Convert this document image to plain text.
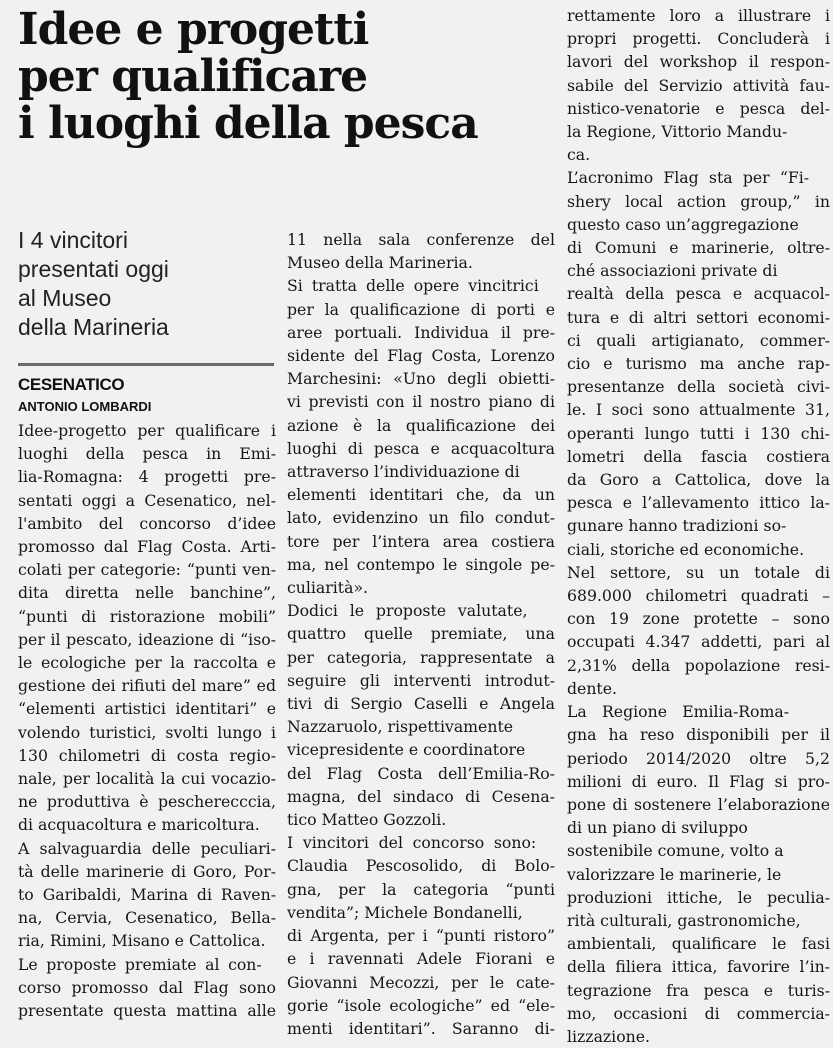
Idee e progetti
per qualificare
i luoghi della pesca
I 4 vincitori
presentati oggi
al Museo
della Marineria
CESENATICO
ANTONIO LOMBARDI
Idee-progetto per qualificare i
luoghi della pesca in Emi-
lia-Romagna: 4 progetti pre-
sentati oggi a Cesenatico, nel-
l'ambito del concorso d’idee
promosso dal Flag Costa. Arti-
colati per categorie: “punti ven-
dita diretta nelle banchine”,
“punti di ristorazione mobili”
per il pescato, ideazione di “iso-
le ecologiche per la raccolta e
gestione dei rifiuti del mare” ed
“elementi artistici identitari” e
volendo turistici, svolti lungo i
130 chilometri di costa regio-
nale, per località la cui vocazio-
ne produttiva è pescherecccia,
di acquacoltura e maricoltura.
A salvaguardia delle peculiari-
tà delle marinerie di Goro, Por-
to Garibaldi, Marina di Raven-
na, Cervia, Cesenatico, Bella-
ria, Rimini, Misano e Cattolica.
Le proposte premiate al con-
corso promosso dal Flag sono
presentate questa mattina alle
11 nella sala conferenze del
Museo della Marineria.
Si tratta delle opere vincitrici
per la qualificazione di porti e
aree portuali. Individua il pre-
sidente del Flag Costa, Lorenzo
Marchesini: «Uno degli obietti-
vi previsti con il nostro piano di
azione è la qualificazione dei
luoghi di pesca e acquacoltura
attraverso l’individuazione di
elementi identitari che, da un
lato, evidenzino un filo condut-
tore per l’intera area costiera
ma, nel contempo le singole pe-
culiarità».
Dodici le proposte valutate,
quattro quelle premiate, una
per categoria, rappresentate a
seguire gli interventi introdut-
tivi di Sergio Caselli e Angela
Nazzaruolo, rispettivamente
vicepresidente e coordinatore
del Flag Costa dell’Emilia-Ro-
magna, del sindaco di Cesena-
tico Matteo Gozzoli.
I vincitori del concorso sono:
Claudia Pescosolido, di Bolo-
gna, per la categoria “punti
vendita”; Michele Bondanelli,
di Argenta, per i “punti ristoro”
e i ravennati Adele Fiorani e
Giovanni Mecozzi, per le cate-
gorie “isole ecologiche” ed “ele-
menti identitari”. Saranno di-
rettamente loro a illustrare i
propri progetti. Concluderà i
lavori del workshop il respon-
sabile del Servizio attività fau-
nistico-venatorie e pesca del-
la Regione, Vittorio Mandu-
ca.
L’acronimo Flag sta per “Fi-
shery local action group,” in
questo caso un’aggregazione
di Comuni e marinerie, oltre-
ché associazioni private di
realtà della pesca e acquacol-
tura e di altri settori economi-
ci quali artigianato, commer-
cio e turismo ma anche rap-
presentanze della società civi-
le. I soci sono attualmente 31,
operanti lungo tutti i 130 chi-
lometri della fascia costiera
da Goro a Cattolica, dove la
pesca e l’allevamento ittico la-
gunare hanno tradizioni so-
ciali, storiche ed economiche.
Nel settore, su un totale di
689.000 chilometri quadrati –
con 19 zone protette – sono
occupati 4.347 addetti, pari al
2,31% della popolazione resi-
dente.
La Regione Emilia-Roma-
gna ha reso disponibili per il
periodo 2014/2020 oltre 5,2
milioni di euro. Il Flag si pro-
pone di sostenere l’elaborazione
di un piano di sviluppo
sostenibile comune, volto a
valorizzare le marinerie, le
produzioni ittiche, le peculia-
rità culturali, gastronomiche,
ambientali, qualificare le fasi
della filiera ittica, favorire l’in-
tegrazione fra pesca e turis-
mo, occasioni di commercia-
lizzazione.
